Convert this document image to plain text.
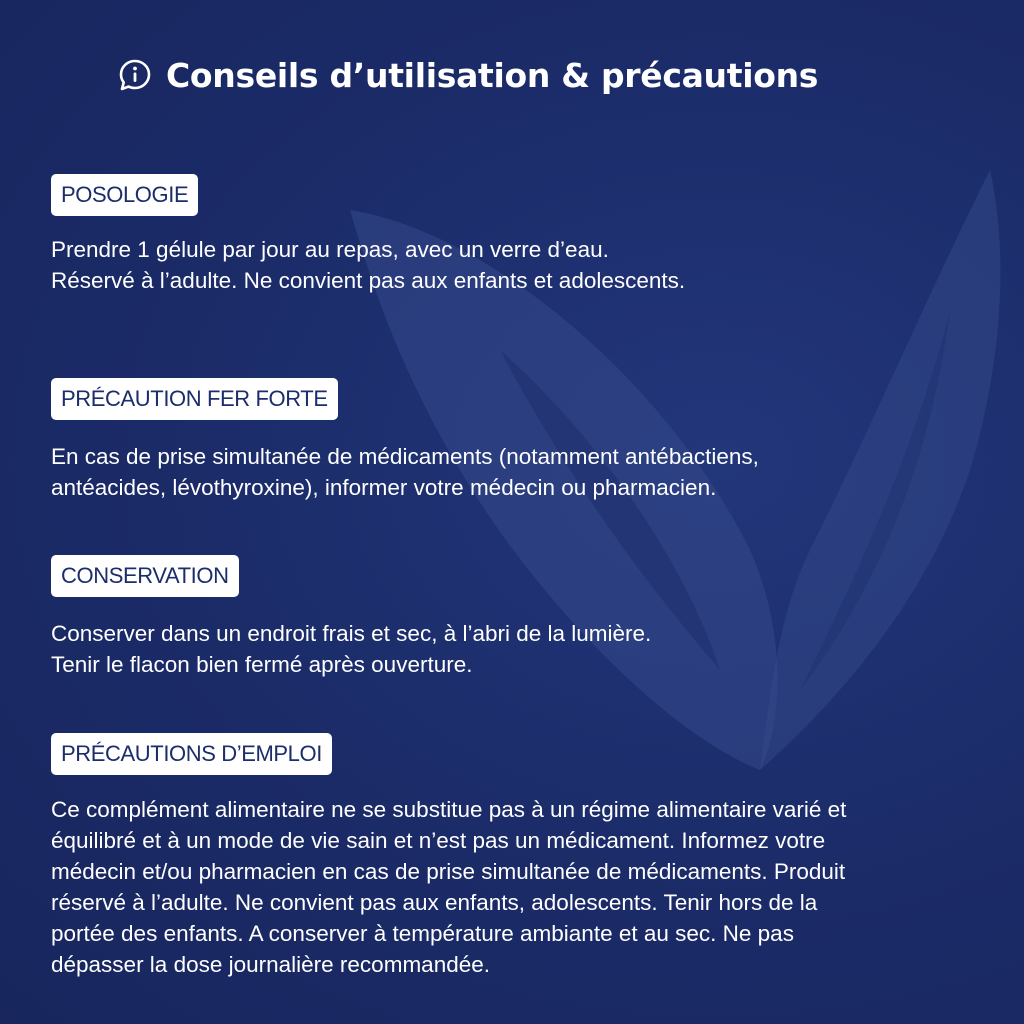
Conseils d’utilisation & précautions
POSOLOGIE
Prendre 1 gélule par jour au repas, avec un verre d’eau.
Réservé à l’adulte. Ne convient pas aux enfants et adolescents.
PRÉCAUTION FER FORTE
En cas de prise simultanée de médicaments (notamment antébactiens,
antéacides, lévothyroxine), informer votre médecin ou pharmacien.
CONSERVATION
Conserver dans un endroit frais et sec, à l’abri de la lumière.
Tenir le flacon bien fermé après ouverture.
PRÉCAUTIONS D’EMPLOI
Ce complément alimentaire ne se substitue pas à un régime alimentaire varié et
équilibré et à un mode de vie sain et n’est pas un médicament. Informez votre
médecin et/ou pharmacien en cas de prise simultanée de médicaments. Produit
réservé à l’adulte. Ne convient pas aux enfants, adolescents. Tenir hors de la
portée des enfants. A conserver à température ambiante et au sec. Ne pas
dépasser la dose journalière recommandée.
